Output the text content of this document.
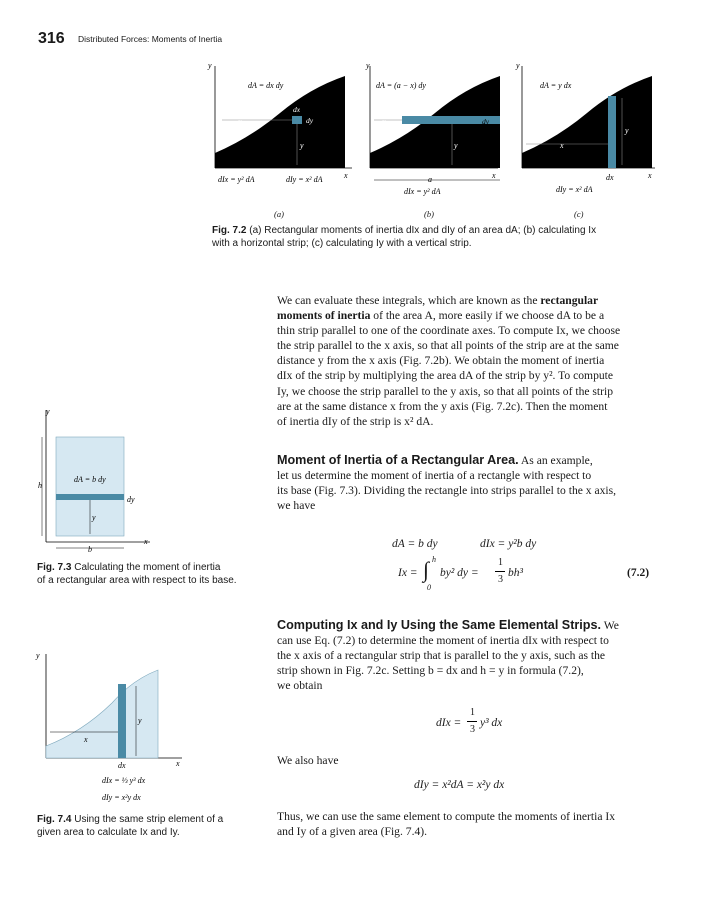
316 Distributed Forces: Moments of Inertia
y
x
dA = dx dy
x
y
dy
dx
dIx = y² dA	dIy = x² dA
y
x
dA = (a − x) dy
x	dy
y
a
dIx = y² dA
y
x
dA = y dx
x
y
dx
dIy = x² dA
(a)	(b)	(c)
Fig. 7.2 (a) Rectangular moments of inertia dIx and dIy of an area dA; (b) calculating Ix
with a horizontal strip; (c) calculating Iy with a vertical strip.
We can evaluate these integrals, which are known as the rectangular
moments of inertia of the area A, more easily if we choose dA to be a
thin strip parallel to one of the coordinate axes. To compute Ix, we choose
the strip parallel to the x axis, so that all points of the strip are at the same
distance y from the x axis (Fig. 7.2b). We obtain the moment of inertia
dIx of the strip by multiplying the area dA of the strip by y². To compute
Iy, we choose the strip parallel to the y axis, so that all points of the strip
are at the same distance x from the y axis (Fig. 7.2c). Then the moment
of inertia dIy of the strip is x² dA.
y
x
h
dA = b dy
dy
y
b
Fig. 7.3 Calculating the moment of inertia
of a rectangular area with respect to its base.
Moment of Inertia of a Rectangular Area. As an example,
let us determine the moment of inertia of a rectangle with respect to
its base (Fig. 7.3). Dividing the rectangle into strips parallel to the x axis,
we have
dA = b dy	dIx = y²b dy
Ix = ∫ h
0
by² dy =
1
3
bh³	(7.2)
Computing Ix and Iy Using the Same Elemental Strips. We
can use Eq. (7.2) to determine the moment of inertia dIx with respect to
the x axis of a rectangular strip that is parallel to the y axis, such as the
strip shown in Fig. 7.2c. Setting b = dx and h = y in formula (7.2),
we obtain
dIx =
1
3
y³ dx
We also have
dIy = x²dA = x²y dx
Thus, we can use the same element to compute the moments of inertia Ix
and Iy of a given area (Fig. 7.4).
y
x
x
y
dx
dIx = ⅓ y³ dx
dIy = x²y dx
Fig. 7.4 Using the same strip element of a
given area to calculate Ix and Iy.
